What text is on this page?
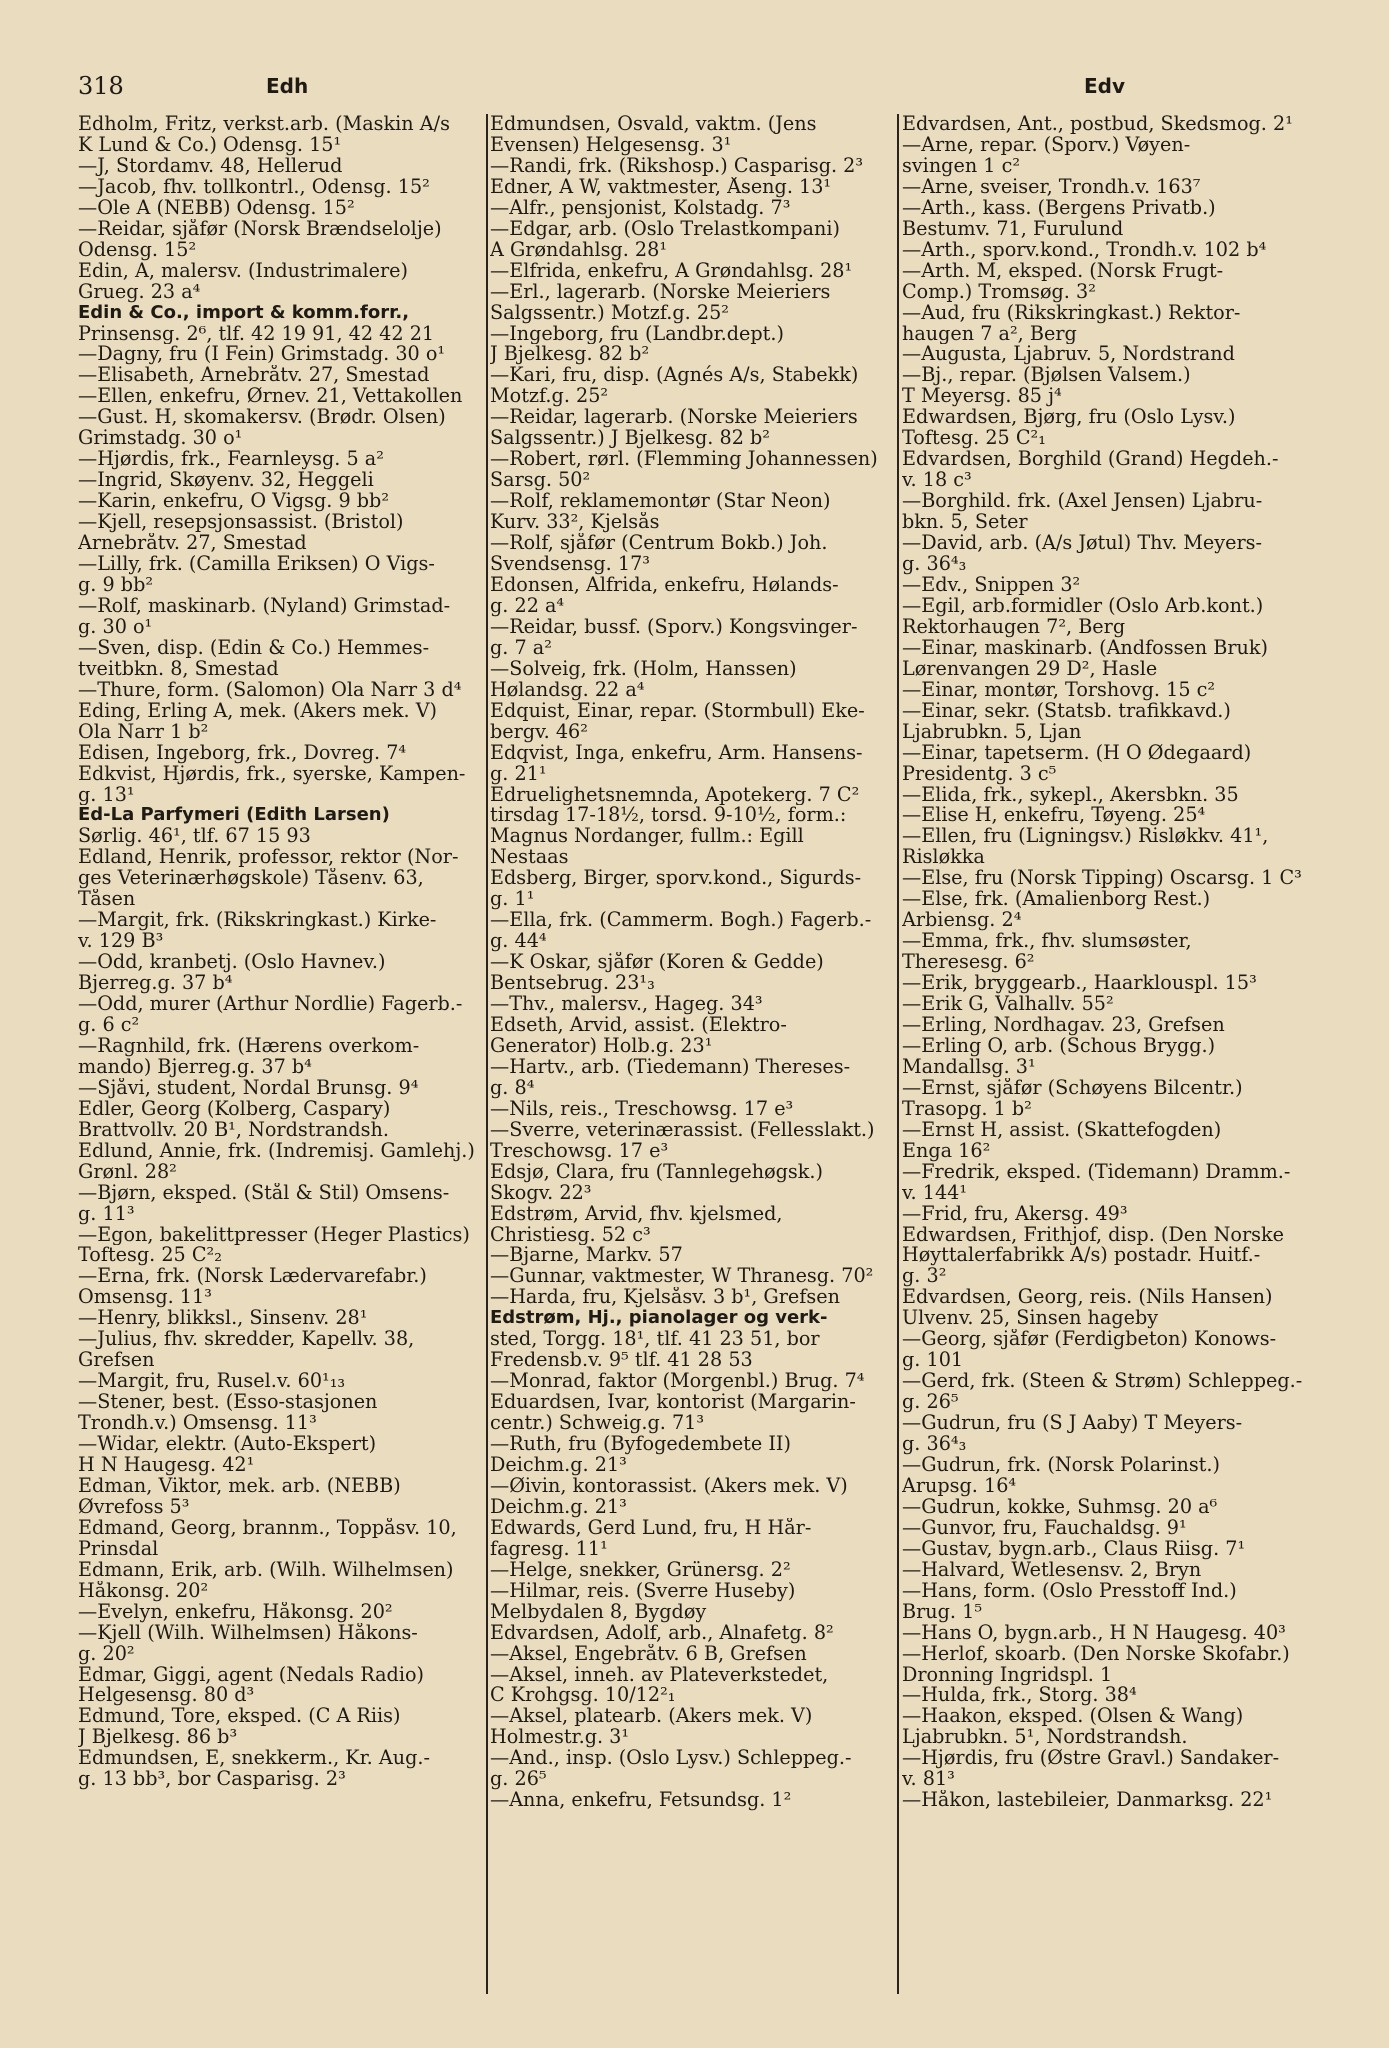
318	Edh	Edv
Edholm, Fritz, verkst.arb. (Maskin A/s
K Lund & Co.) Odensg. 15¹
—J, Stordamv. 48, Hellerud
—Jacob, fhv. tollkontrl., Odensg. 15²
—Ole A (NEBB) Odensg. 15²
—Reidar, sjåfør (Norsk Brændselolje)
Odensg. 15²
Edin, A, malersv. (Industrimalere)
Grueg. 23 a⁴
Edin & Co., import & komm.forr.,
Prinsensg. 2⁶, tlf. 42 19 91, 42 42 21
—Dagny, fru (I Fein) Grimstadg. 30 o¹
—Elisabeth, Arnebråtv. 27, Smestad
—Ellen, enkefru, Ørnev. 21, Vettakollen
—Gust. H, skomakersv. (Brødr. Olsen)
Grimstadg. 30 o¹
—Hjørdis, frk., Fearnleysg. 5 a²
—Ingrid, Skøyenv. 32, Heggeli
—Karin, enkefru, O Vigsg. 9 bb²
—Kjell, resepsjonsassist. (Bristol)
Arnebråtv. 27, Smestad
—Lilly, frk. (Camilla Eriksen) O Vigs-
g. 9 bb²
—Rolf, maskinarb. (Nyland) Grimstad-
g. 30 o¹
—Sven, disp. (Edin & Co.) Hemmes-
tveitbkn. 8, Smestad
—Thure, form. (Salomon) Ola Narr 3 d⁴
Eding, Erling A, mek. (Akers mek. V)
Ola Narr 1 b²
Edisen, Ingeborg, frk., Dovreg. 7⁴
Edkvist, Hjørdis, frk., syerske, Kampen-
g. 13¹
Ed-La Parfymeri (Edith Larsen)
Sørlig. 46¹, tlf. 67 15 93
Edland, Henrik, professor, rektor (Nor-
ges Veterinærhøgskole) Tåsenv. 63,
Tåsen
—Margit, frk. (Rikskringkast.) Kirke-
v. 129 B³
—Odd, kranbetj. (Oslo Havnev.)
Bjerreg.g. 37 b⁴
—Odd, murer (Arthur Nordlie) Fagerb.-
g. 6 c²
—Ragnhild, frk. (Hærens overkom-
mando) Bjerreg.g. 37 b⁴
—Sjåvi, student, Nordal Brunsg. 9⁴
Edler, Georg (Kolberg, Caspary)
Brattvollv. 20 B¹, Nordstrandsh.
Edlund, Annie, frk. (Indremisj. Gamlehj.)
Grønl. 28²
—Bjørn, eksped. (Stål & Stil) Omsens-
g. 11³
—Egon, bakelittpresser (Heger Plastics)
Toftesg. 25 C²₂
—Erna, frk. (Norsk Lædervarefabr.)
Omsensg. 11³
—Henry, blikksl., Sinsenv. 28¹
—Julius, fhv. skredder, Kapellv. 38,
Grefsen
—Margit, fru, Rusel.v. 60¹₁₃
—Stener, best. (Esso-stasjonen
Trondh.v.) Omsensg. 11³
—Widar, elektr. (Auto-Ekspert)
H N Haugesg. 42¹
Edman, Viktor, mek. arb. (NEBB)
Øvrefoss 5³
Edmand, Georg, brannm., Toppåsv. 10,
Prinsdal
Edmann, Erik, arb. (Wilh. Wilhelmsen)
Håkonsg. 20²
—Evelyn, enkefru, Håkonsg. 20²
—Kjell (Wilh. Wilhelmsen) Håkons-
g. 20²
Edmar, Giggi, agent (Nedals Radio)
Helgesensg. 80 d³
Edmund, Tore, eksped. (C A Riis)
J Bjelkesg. 86 b³
Edmundsen, E, snekkerm., Kr. Aug.-
g. 13 bb³, bor Casparisg. 2³
Edmundsen, Osvald, vaktm. (Jens
Evensen) Helgesensg. 3¹
—Randi, frk. (Rikshosp.) Casparisg. 2³
Edner, A W, vaktmester, Åseng. 13¹
—Alfr., pensjonist, Kolstadg. 7³
—Edgar, arb. (Oslo Trelastkompani)
A Grøndahlsg. 28¹
—Elfrida, enkefru, A Grøndahlsg. 28¹
—Erl., lagerarb. (Norske Meieriers
Salgssentr.) Motzf.g. 25²
—Ingeborg, fru (Landbr.dept.)
J Bjelkesg. 82 b²
—Kari, fru, disp. (Agnés A/s, Stabekk)
Motzf.g. 25²
—Reidar, lagerarb. (Norske Meieriers
Salgssentr.) J Bjelkesg. 82 b²
—Robert, rørl. (Flemming Johannessen)
Sarsg. 50²
—Rolf, reklamemontør (Star Neon)
Kurv. 33², Kjelsås
—Rolf, sjåfør (Centrum Bokb.) Joh.
Svendsensg. 17³
Edonsen, Alfrida, enkefru, Hølands-
g. 22 a⁴
—Reidar, bussf. (Sporv.) Kongsvinger-
g. 7 a²
—Solveig, frk. (Holm, Hanssen)
Hølandsg. 22 a⁴
Edquist, Einar, repar. (Stormbull) Eke-
bergv. 46²
Edqvist, Inga, enkefru, Arm. Hansens-
g. 21¹
Edruelighetsnemnda, Apotekerg. 7 C²
tirsdag 17-18½, torsd. 9-10½, form.:
Magnus Nordanger, fullm.: Egill
Nestaas
Edsberg, Birger, sporv.kond., Sigurds-
g. 1¹
—Ella, frk. (Cammerm. Bogh.) Fagerb.-
g. 44⁴
—K Oskar, sjåfør (Koren & Gedde)
Bentsebrug. 23¹₃
—Thv., malersv., Hageg. 34³
Edseth, Arvid, assist. (Elektro-
Generator) Holb.g. 23¹
—Hartv., arb. (Tiedemann) Thereses-
g. 8⁴
—Nils, reis., Treschowsg. 17 e³
—Sverre, veterinærassist. (Fellesslakt.)
Treschowsg. 17 e³
Edsjø, Clara, fru (Tannlegehøgsk.)
Skogv. 22³
Edstrøm, Arvid, fhv. kjelsmed,
Christiesg. 52 c³
—Bjarne, Markv. 57
—Gunnar, vaktmester, W Thranesg. 70²
—Harda, fru, Kjelsåsv. 3 b¹, Grefsen
Edstrøm, Hj., pianolager og verk-
sted, Torgg. 18¹, tlf. 41 23 51, bor
Fredensb.v. 9⁵ tlf. 41 28 53
—Monrad, faktor (Morgenbl.) Brug. 7⁴
Eduardsen, Ivar, kontorist (Margarin-
centr.) Schweig.g. 71³
—Ruth, fru (Byfogedembete II)
Deichm.g. 21³
—Øivin, kontorassist. (Akers mek. V)
Deichm.g. 21³
Edwards, Gerd Lund, fru, H Hår-
fagresg. 11¹
—Helge, snekker, Grünersg. 2²
—Hilmar, reis. (Sverre Huseby)
Melbydalen 8, Bygdøy
Edvardsen, Adolf, arb., Alnafetg. 8²
—Aksel, Engebråtv. 6 B, Grefsen
—Aksel, inneh. av Plateverkstedet,
C Krohgsg. 10/12²₁
—Aksel, platearb. (Akers mek. V)
Holmestr.g. 3¹
—And., insp. (Oslo Lysv.) Schleppeg.-
g. 26⁵
—Anna, enkefru, Fetsundsg. 1²
Edvardsen, Ant., postbud, Skedsmog. 2¹
—Arne, repar. (Sporv.) Vøyen-
svingen 1 c²
—Arne, sveiser, Trondh.v. 163⁷
—Arth., kass. (Bergens Privatb.)
Bestumv. 71, Furulund
—Arth., sporv.kond., Trondh.v. 102 b⁴
—Arth. M, eksped. (Norsk Frugt-
Comp.) Tromsøg. 3²
—Aud, fru (Rikskringkast.) Rektor-
haugen 7 a², Berg
—Augusta, Ljabruv. 5, Nordstrand
—Bj., repar. (Bjølsen Valsem.)
T Meyersg. 85 j⁴
Edwardsen, Bjørg, fru (Oslo Lysv.)
Toftesg. 25 C²₁
Edvardsen, Borghild (Grand) Hegdeh.-
v. 18 c³
—Borghild. frk. (Axel Jensen) Ljabru-
bkn. 5, Seter
—David, arb. (A/s Jøtul) Thv. Meyers-
g. 36⁴₃
—Edv., Snippen 3²
—Egil, arb.formidler (Oslo Arb.kont.)
Rektorhaugen 7², Berg
—Einar, maskinarb. (Andfossen Bruk)
Lørenvangen 29 D², Hasle
—Einar, montør, Torshovg. 15 c²
—Einar, sekr. (Statsb. trafikkavd.)
Ljabrubkn. 5, Ljan
—Einar, tapetserm. (H O Ødegaard)
Presidentg. 3 c⁵
—Elida, frk., sykepl., Akersbkn. 35
—Elise H, enkefru, Tøyeng. 25⁴
—Ellen, fru (Ligningsv.) Risløkkv. 41¹,
Risløkka
—Else, fru (Norsk Tipping) Oscarsg. 1 C³
—Else, frk. (Amalienborg Rest.)
Arbiensg. 2⁴
—Emma, frk., fhv. slumsøster,
Theresesg. 6²
—Erik, bryggearb., Haarklouspl. 15³
—Erik G, Valhallv. 55²
—Erling, Nordhagav. 23, Grefsen
—Erling O, arb. (Schous Brygg.)
Mandallsg. 3¹
—Ernst, sjåfør (Schøyens Bilcentr.)
Trasopg. 1 b²
—Ernst H, assist. (Skattefogden)
Enga 16²
—Fredrik, eksped. (Tidemann) Dramm.-
v. 144¹
—Frid, fru, Akersg. 49³
Edwardsen, Frithjof, disp. (Den Norske
Høyttalerfabrikk A/s) postadr. Huitf.-
g. 3²
Edvardsen, Georg, reis. (Nils Hansen)
Ulvenv. 25, Sinsen hageby
—Georg, sjåfør (Ferdigbeton) Konows-
g. 101
—Gerd, frk. (Steen & Strøm) Schleppeg.-
g. 26⁵
—Gudrun, fru (S J Aaby) T Meyers-
g. 36⁴₃
—Gudrun, frk. (Norsk Polarinst.)
Arupsg. 16⁴
—Gudrun, kokke, Suhmsg. 20 a⁶
—Gunvor, fru, Fauchaldsg. 9¹
—Gustav, bygn.arb., Claus Riisg. 7¹
—Halvard, Wetlesensv. 2, Bryn
—Hans, form. (Oslo Presstoff Ind.)
Brug. 1⁵
—Hans O, bygn.arb., H N Haugesg. 40³
—Herlof, skoarb. (Den Norske Skofabr.)
Dronning Ingridspl. 1
—Hulda, frk., Storg. 38⁴
—Haakon, eksped. (Olsen & Wang)
Ljabrubkn. 5¹, Nordstrandsh.
—Hjørdis, fru (Østre Gravl.) Sandaker-
v. 81³
—Håkon, lastebileier, Danmarksg. 22¹
